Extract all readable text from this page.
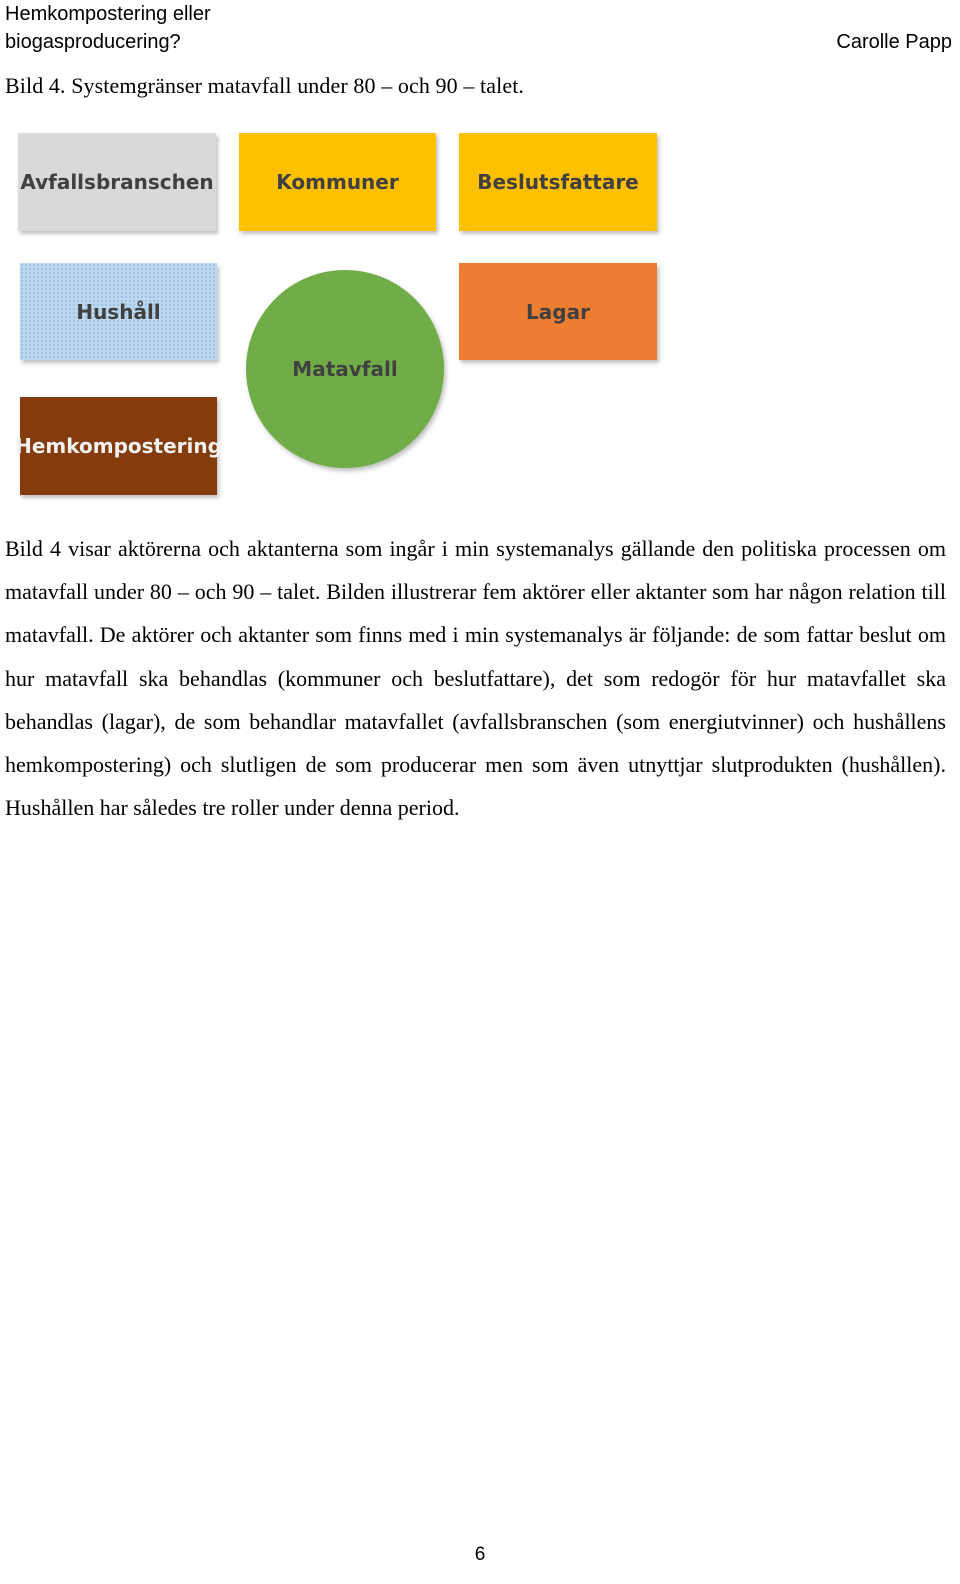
Hemkompostering eller
biogasproducering?	Carolle Papp
Bild 4. Systemgränser matavfall under 80 – och 90 – talet.
Avfallsbranschen	Kommuner	Beslutsfattare
Hushåll	Lagar
Matavfall
Hemkompostering

Bild 4 visar aktörerna och aktanterna som ingår i min systemanalys gällande den politiska processen om matavfall under 80 – och 90 – talet. Bilden illustrerar fem aktörer eller aktanter som har någon relation till matavfall. De aktörer och aktanter som finns med i min systemanalys är följande: de som fattar beslut om hur matavfall ska behandlas (kommuner och beslutfattare), det som redogör för hur matavfallet ska behandlas (lagar), de som behandlar matavfallet (avfallsbranschen (som energiutvinner) och hushållens hemkompostering) och slutligen de som producerar men som även utnyttjar slutprodukten (hushållen). Hushållen har således tre roller under denna period.

6
